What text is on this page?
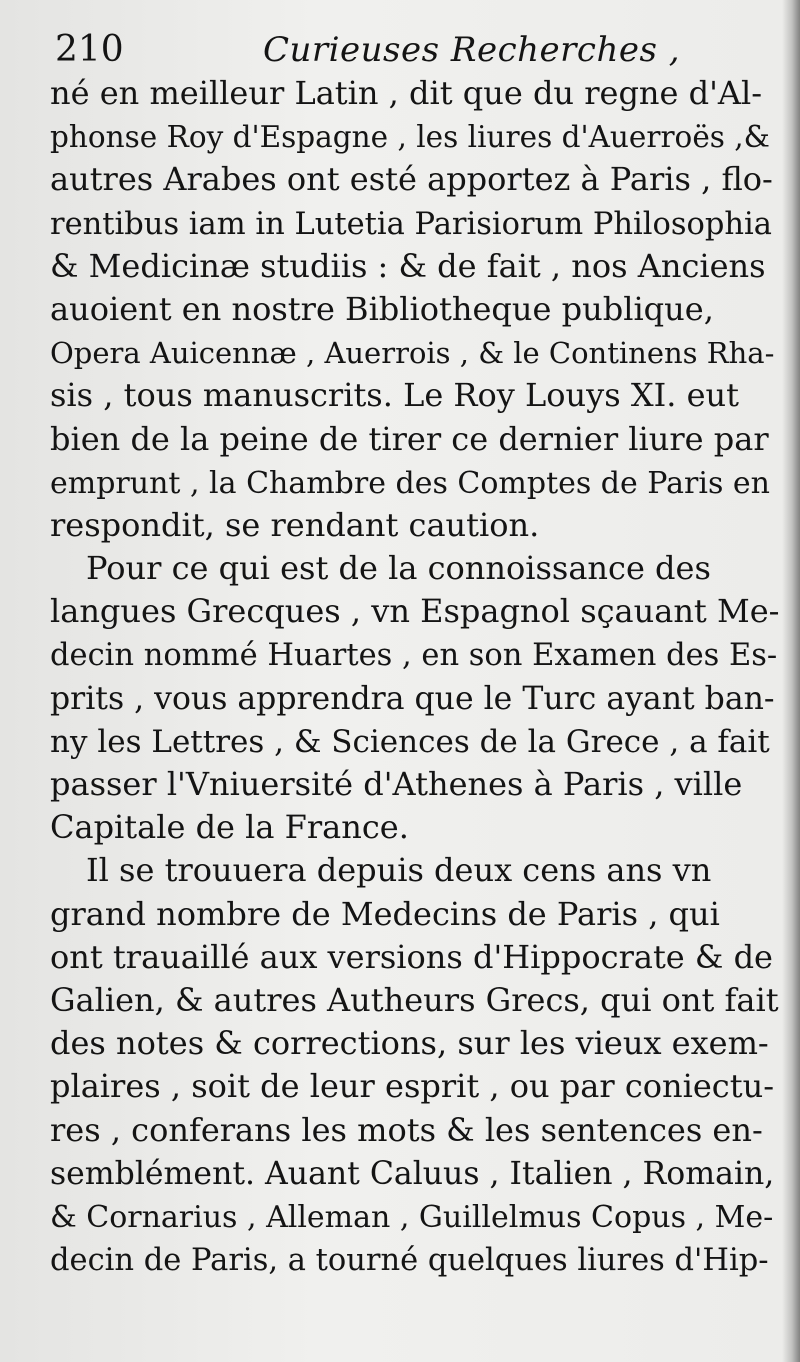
210	Curieuses Recherches ,
né en meilleur Latin , dit que du regne d'Al-
phonse Roy d'Espagne , les liures d'Auerroës ,&
autres Arabes ont esté apportez à Paris , flo-
rentibus iam in Lutetia Parisiorum Philosophia
& Medicinæ studiis : & de fait , nos Anciens
auoient en nostre Bibliotheque publique,
Opera Auicennæ , Auerrois , & le Continens Rha-
sis , tous manuscrits. Le Roy Louys XI. eut
bien de la peine de tirer ce dernier liure par
emprunt , la Chambre des Comptes de Paris en
respondit, se rendant caution.
Pour ce qui est de la connoissance des
langues Grecques , vn Espagnol sçauant Me-
decin nommé Huartes , en son Examen des Es-
prits , vous apprendra que le Turc ayant ban-
ny les Lettres , & Sciences de la Grece , a fait
passer l'Vniuersité d'Athenes à Paris , ville
Capitale de la France.
Il se trouuera depuis deux cens ans vn
grand nombre de Medecins de Paris , qui
ont trauaillé aux versions d'Hippocrate & de
Galien, & autres Autheurs Grecs, qui ont fait
des notes & corrections, sur les vieux exem-
plaires , soit de leur esprit , ou par coniectu-
res , conferans les mots & les sentences en-
semblément. Auant Caluus , Italien , Romain,
& Cornarius , Alleman , Guillelmus Copus , Me-
decin de Paris, a tourné quelques liures d'Hip-
